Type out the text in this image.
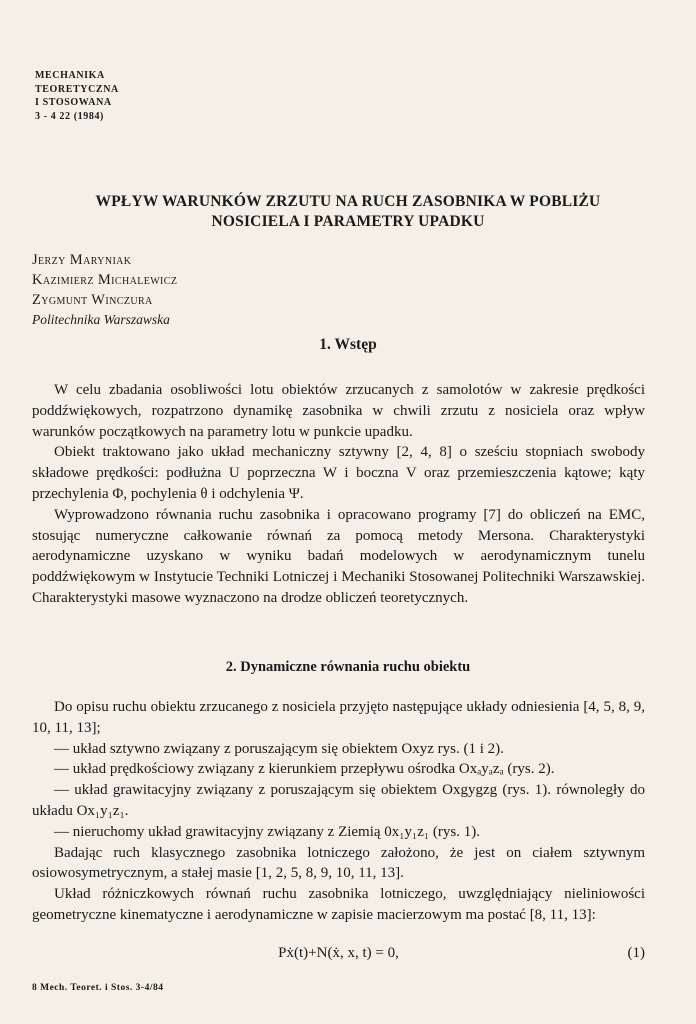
MECHANIKA
TEORETYCZNA
I STOSOWANA
3 - 4 22 (1984)
WPŁYW WARUNKÓW ZRZUTU NA RUCH ZASOBNIKA W POBLIŻU
NOSICIELA I PARAMETRY UPADKU
Jerzy Maryniak
Kazimierz Michalewicz
Zygmunt Winczura
Politechnika Warszawska
1. Wstęp

W celu zbadania osobliwości lotu obiektów zrzucanych z samolotów w zakresie prędkości poddźwiękowych, rozpatrzono dynamikę zasobnika w chwili zrzutu z nosiciela oraz wpływ warunków początkowych na parametry lotu w punkcie upadku.

Obiekt traktowano jako układ mechaniczny sztywny [2, 4, 8] o sześciu stopniach swobody składowe prędkości: podłużna U poprzeczna W i boczna V oraz przemieszczenia kątowe; kąty przechylenia Φ, pochylenia θ i odchylenia Ψ.

Wyprowadzono równania ruchu zasobnika i opracowano programy [7] do obliczeń na EMC, stosując numeryczne całkowanie równań za pomocą metody Mersona. Charakterystyki aerodynamiczne uzyskano w wyniku badań modelowych w aerodynamicznym tunelu poddźwiękowym w Instytucie Techniki Lotniczej i Mechaniki Stosowanej Politechniki Warszawskiej. Charakterystyki masowe wyznaczono na drodze obliczeń teoretycznych.

2. Dynamiczne równania ruchu obiektu

Do opisu ruchu obiektu zrzucanego z nosiciela przyjęto następujące układy odniesienia [4, 5, 8, 9, 10, 11, 13];

— układ sztywno związany z poruszającym się obiektem Oxyz rys. (1 i 2).

— układ prędkościowy związany z kierunkiem przepływu ośrodka Oxₐyₐzₐ (rys. 2).

— układ grawitacyjny związany z poruszającym się obiektem Oxgygzg (rys. 1). równoległy do układu Ox₁y₁z₁.

— nieruchomy układ grawitacyjny związany z Ziemią 0x₁y₁z₁ (rys. 1).

Badając ruch klasycznego zasobnika lotniczego założono, że jest on ciałem sztywnym osiowosymetrycznym, a stałej masie [1, 2, 5, 8, 9, 10, 11, 13].

Układ różniczkowych równań ruchu zasobnika lotniczego, uwzględniający nieliniowości geometryczne kinematyczne i aerodynamiczne w zapisie macierzowym ma postać [8, 11, 13]:

Pẋ(t)+N(ẋ, x, t) = 0,	(1)
8 Mech. Teoret. i Stos. 3-4/84
